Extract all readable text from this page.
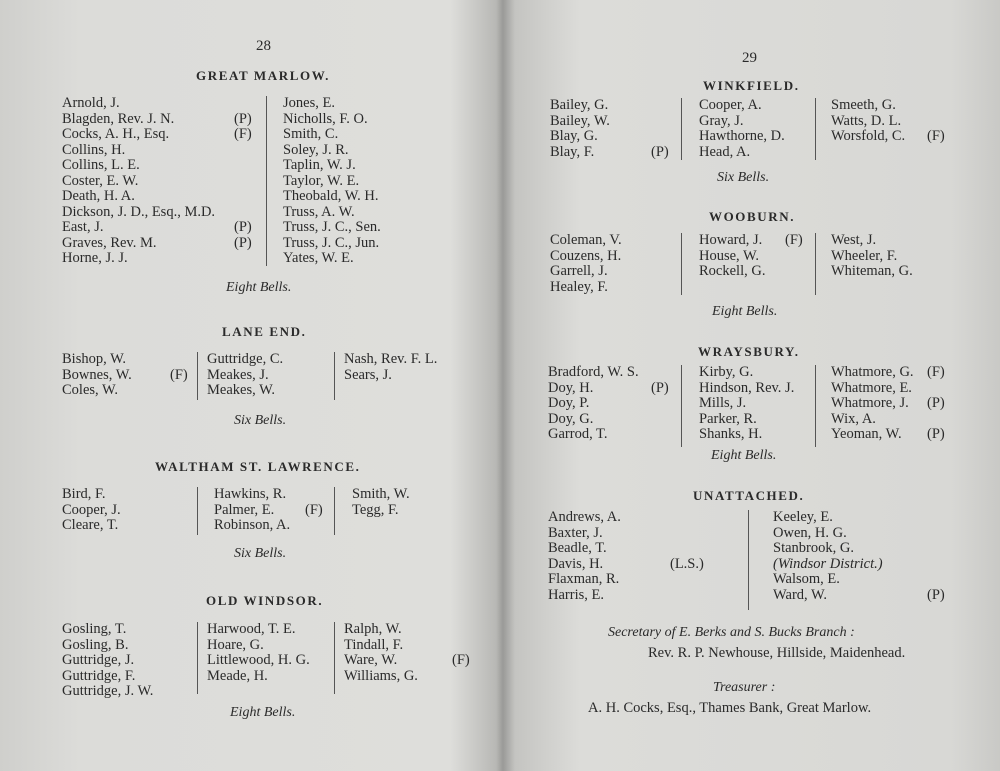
28
GREAT MARLOW.
Arnold, J.
Blagden, Rev. J. N.
Cocks, A. H., Esq.
Collins, H.
Collins, L. E.
Coster, E. W.
Death, H. A.
Dickson, J. D., Esq., M.D.
East, J.
Graves, Rev. M.
Horne, J. J.
(P)
(F)
(P)
(P)
Jones, E.
Nicholls, F. O.
Smith, C.
Soley, J. R.
Taplin, W. J.
Taylor, W. E.
Theobald, W. H.
Truss, A. W.
Truss, J. C., Sen.
Truss, J. C., Jun.
Yates, W. E.
Eight Bells.
LANE END.
Bishop, W.
Bownes, W.
Coles, W.
(F)
Guttridge, C.
Meakes, J.
Meakes, W.
Nash, Rev. F. L.
Sears, J.
Six Bells.
WALTHAM ST. LAWRENCE.
Bird, F.
Cooper, J.
Cleare, T.
Hawkins, R.
Palmer, E.
Robinson, A.
(F)
Smith, W.
Tegg, F.
Six Bells.
OLD WINDSOR.
Gosling, T.
Gosling, B.
Guttridge, J.
Guttridge, F.
Guttridge, J. W.
Harwood, T. E.
Hoare, G.
Littlewood, H. G.
Meade, H.
Ralph, W.
Tindall, F.
Ware, W.
Williams, G.
(F)
Eight Bells.
29
WINKFIELD.
Bailey, G.
Bailey, W.
Blay, G.
Blay, F.	(P)
Cooper, A.
Gray, J.
Hawthorne, D.
Head, A.
Smeeth, G.
Watts, D. L.
Worsfold, C. (F)
Six Bells.
WOOBURN.
Coleman, V.
Couzens, H.
Garrell, J.
Healey, F.
Howard, J.
House, W.
Rockell, G.
(F) West, J.
Wheeler, F.
Whiteman, G.
Eight Bells.
WRAYSBURY.
Bradford, W. S.
Doy, H.
Doy, P.
Doy, G.
Garrod, T.
(P)
Kirby, G.
Hindson, Rev. J.
Mills, J.
Parker, R.
Shanks, H.
Whatmore, G.
Whatmore, E.
Whatmore, J.
Wix, A.
Yeoman, W.
(F)
(P)
(P)
Eight Bells.
UNATTACHED.
Andrews, A.
Baxter, J.
Beadle, T.
Davis, H.
Flaxman, R.
Harris, E.
(L.S.)
Keeley, E.
Owen, H. G.
Stanbrook, G.
(Windsor District.)
Walsom, E.
Ward, W.	(P)
Secretary of E. Berks and S. Bucks Branch :
Rev. R. P. Newhouse, Hillside, Maidenhead.
Treasurer :
A. H. Cocks, Esq., Thames Bank, Great Marlow.
